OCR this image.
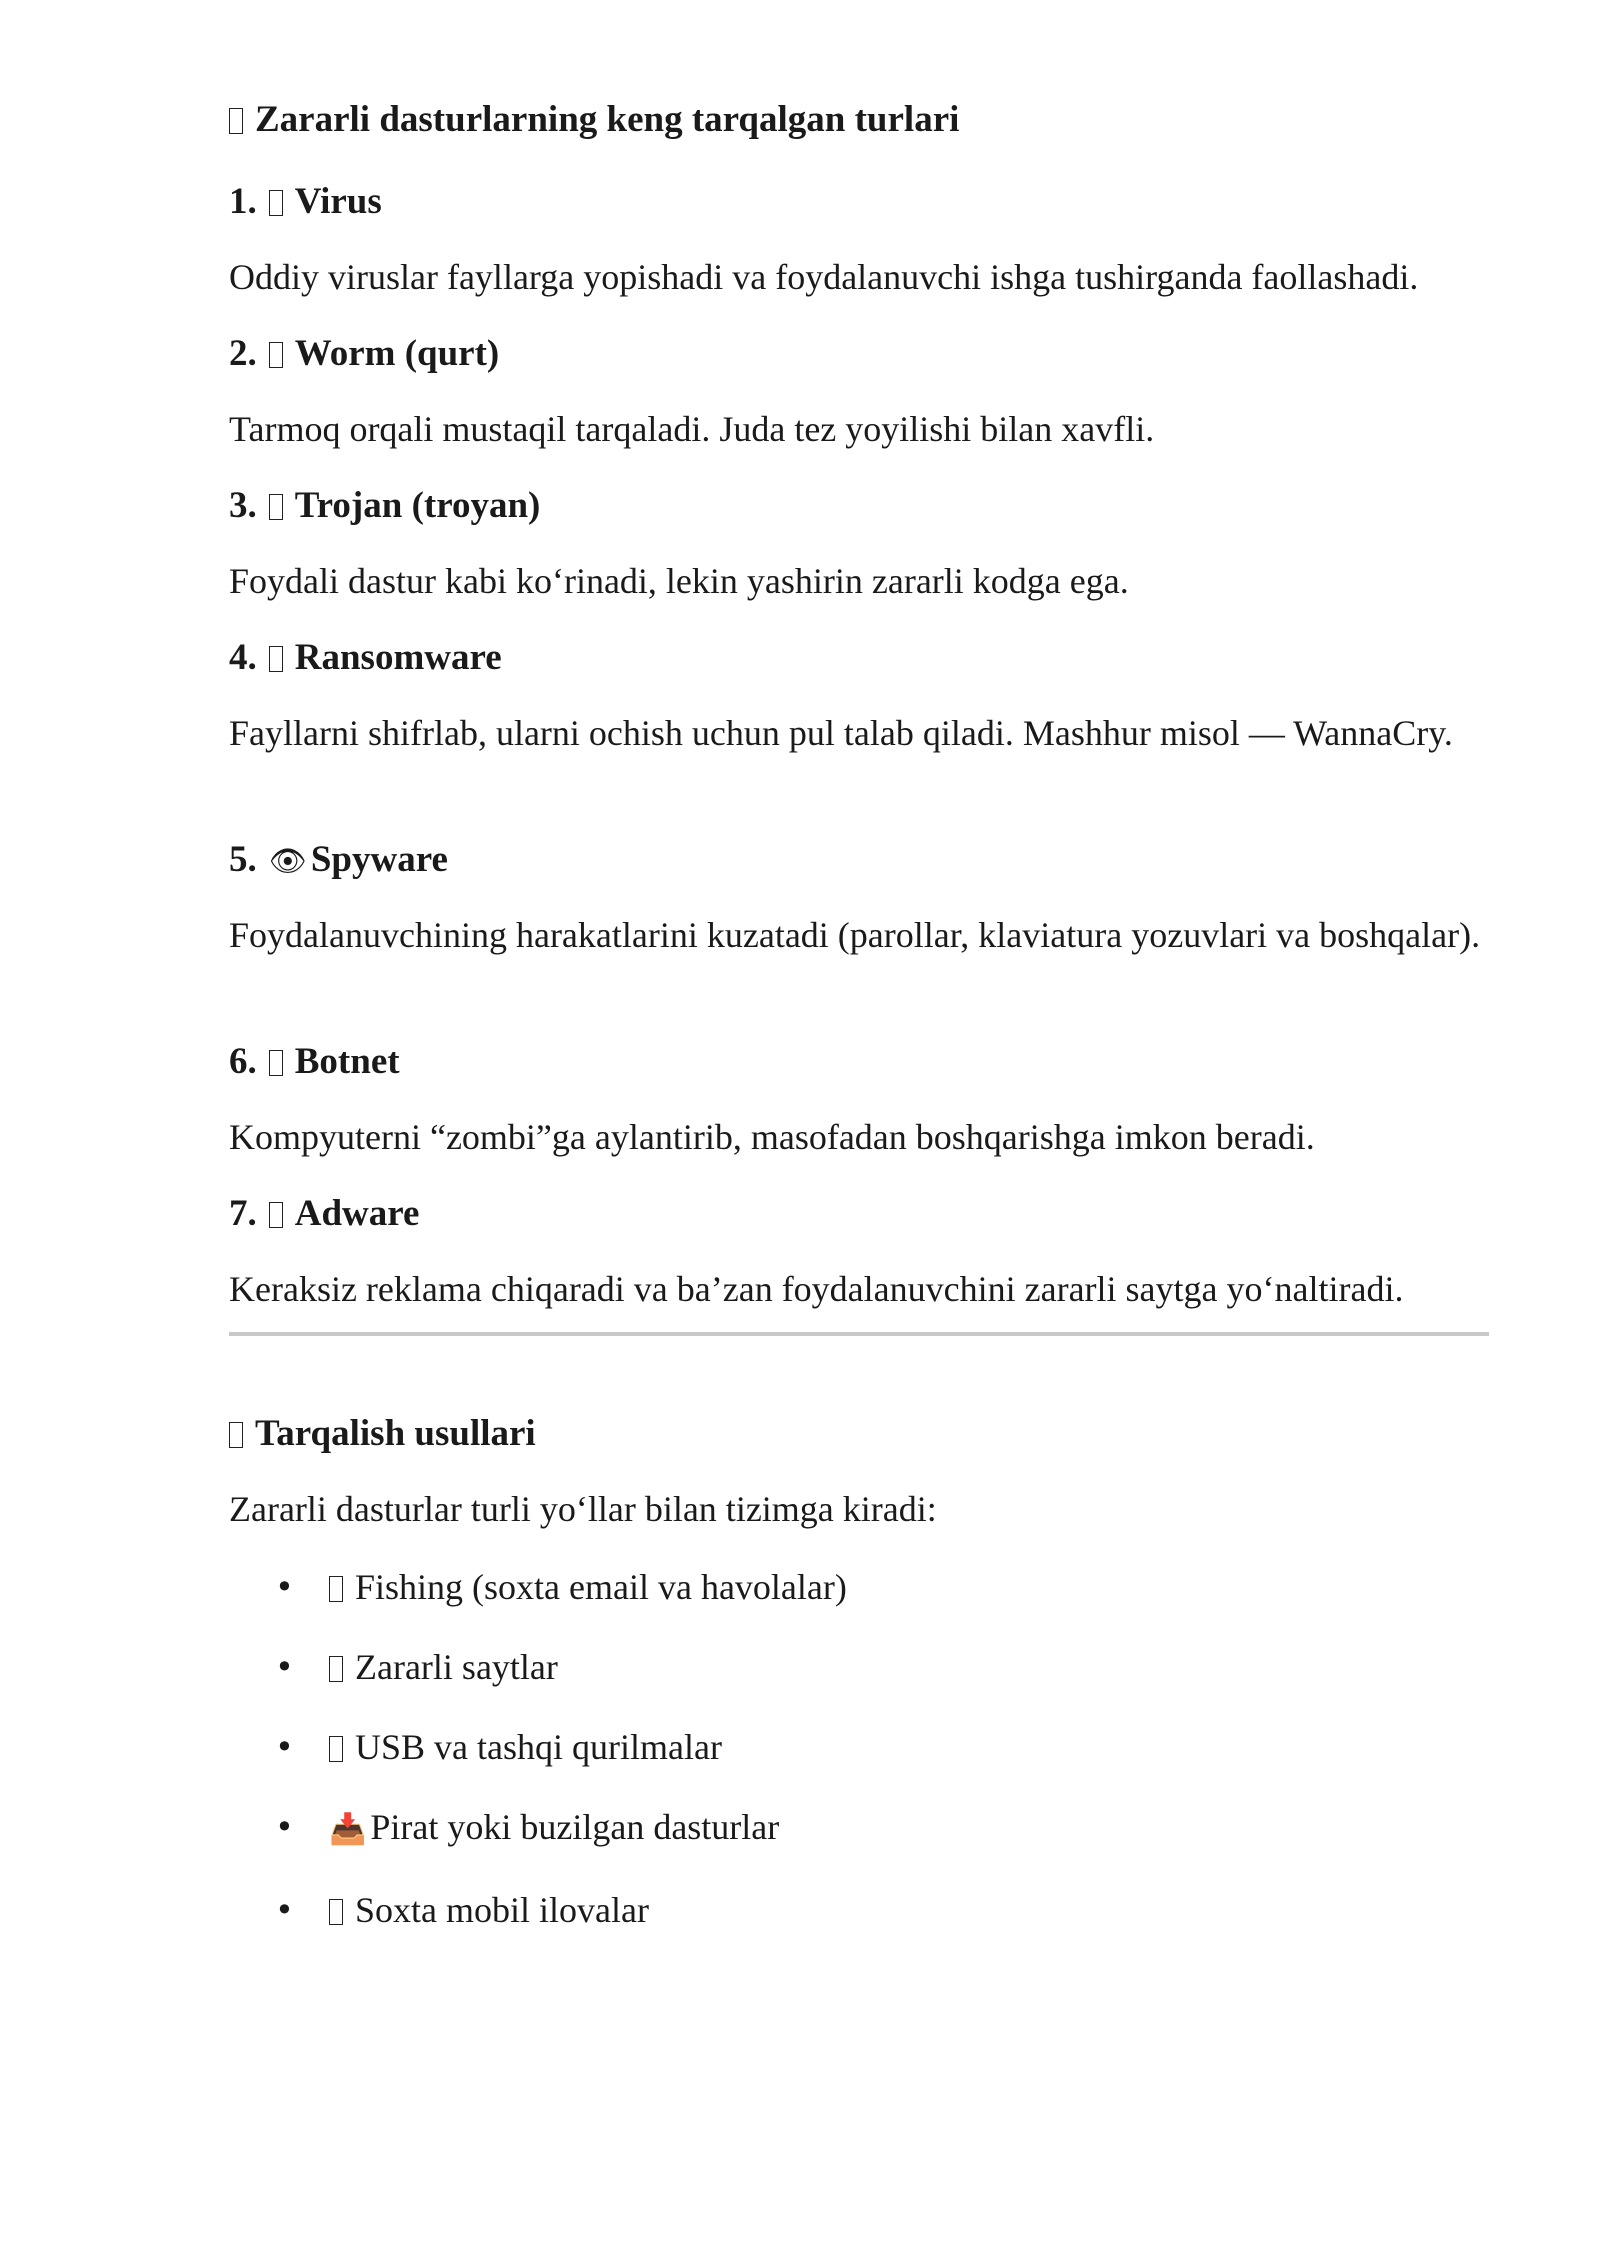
Zararli dasturlarning keng tarqalgan turlari
1. Virus

Oddiy viruslar fayllarga yopishadi va foydalanuvchi ishga tushirganda faollashadi.

2. Worm (qurt)

Tarmoq orqali mustaqil tarqaladi. Juda tez yoyilishi bilan xavfli.

3. Trojan (troyan)

Foydali dastur kabi koʻrinadi, lekin yashirin zararli kodga ega.

4. Ransomware

Fayllarni shifrlab, ularni ochish uchun pul talab qiladi. Mashhur misol — WannaCry.

5. 👁 Spyware

Foydalanuvchining harakatlarini kuzatadi (parollar, klaviatura yozuvlari va boshqalar).

6. Botnet

Kompyuterni “zombi”ga aylantirib, masofadan boshqarishga imkon beradi.

7. Adware

Keraksiz reklama chiqaradi va ba’zan foydalanuvchini zararli saytga yoʻnaltiradi.

Tarqalish usullari

Zararli dasturlar turli yoʻllar bilan tizimga kiradi:

• Fishing (soxta email va havolalar)
• Zararli saytlar
• USB va tashqi qurilmalar
• 📥 Pirat yoki buzilgan dasturlar
• Soxta mobil ilovalar
